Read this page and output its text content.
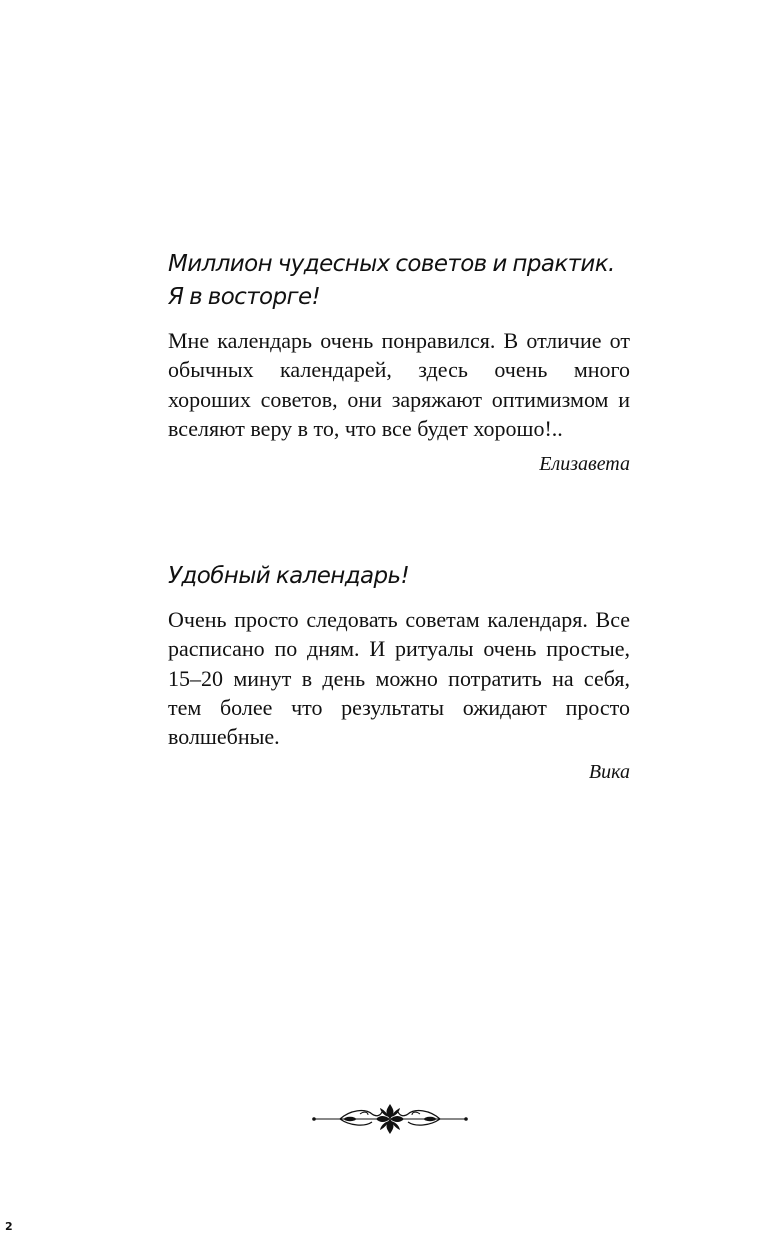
Миллион чудесных советов и практик.
Я в восторге!

Мне календарь очень понравился. В отличие от обычных календарей, здесь очень много хороших советов, они заряжают оптимизмом и вселяют веру в то, что все будет хорошо!..

Елизавета
Удобный календарь!

Очень просто следовать советам календаря. Все расписано по дням. И ритуалы очень простые, 15–20 минут в день можно потратить на себя, тем более что результаты ожидают просто волшебные.

Вика
2
